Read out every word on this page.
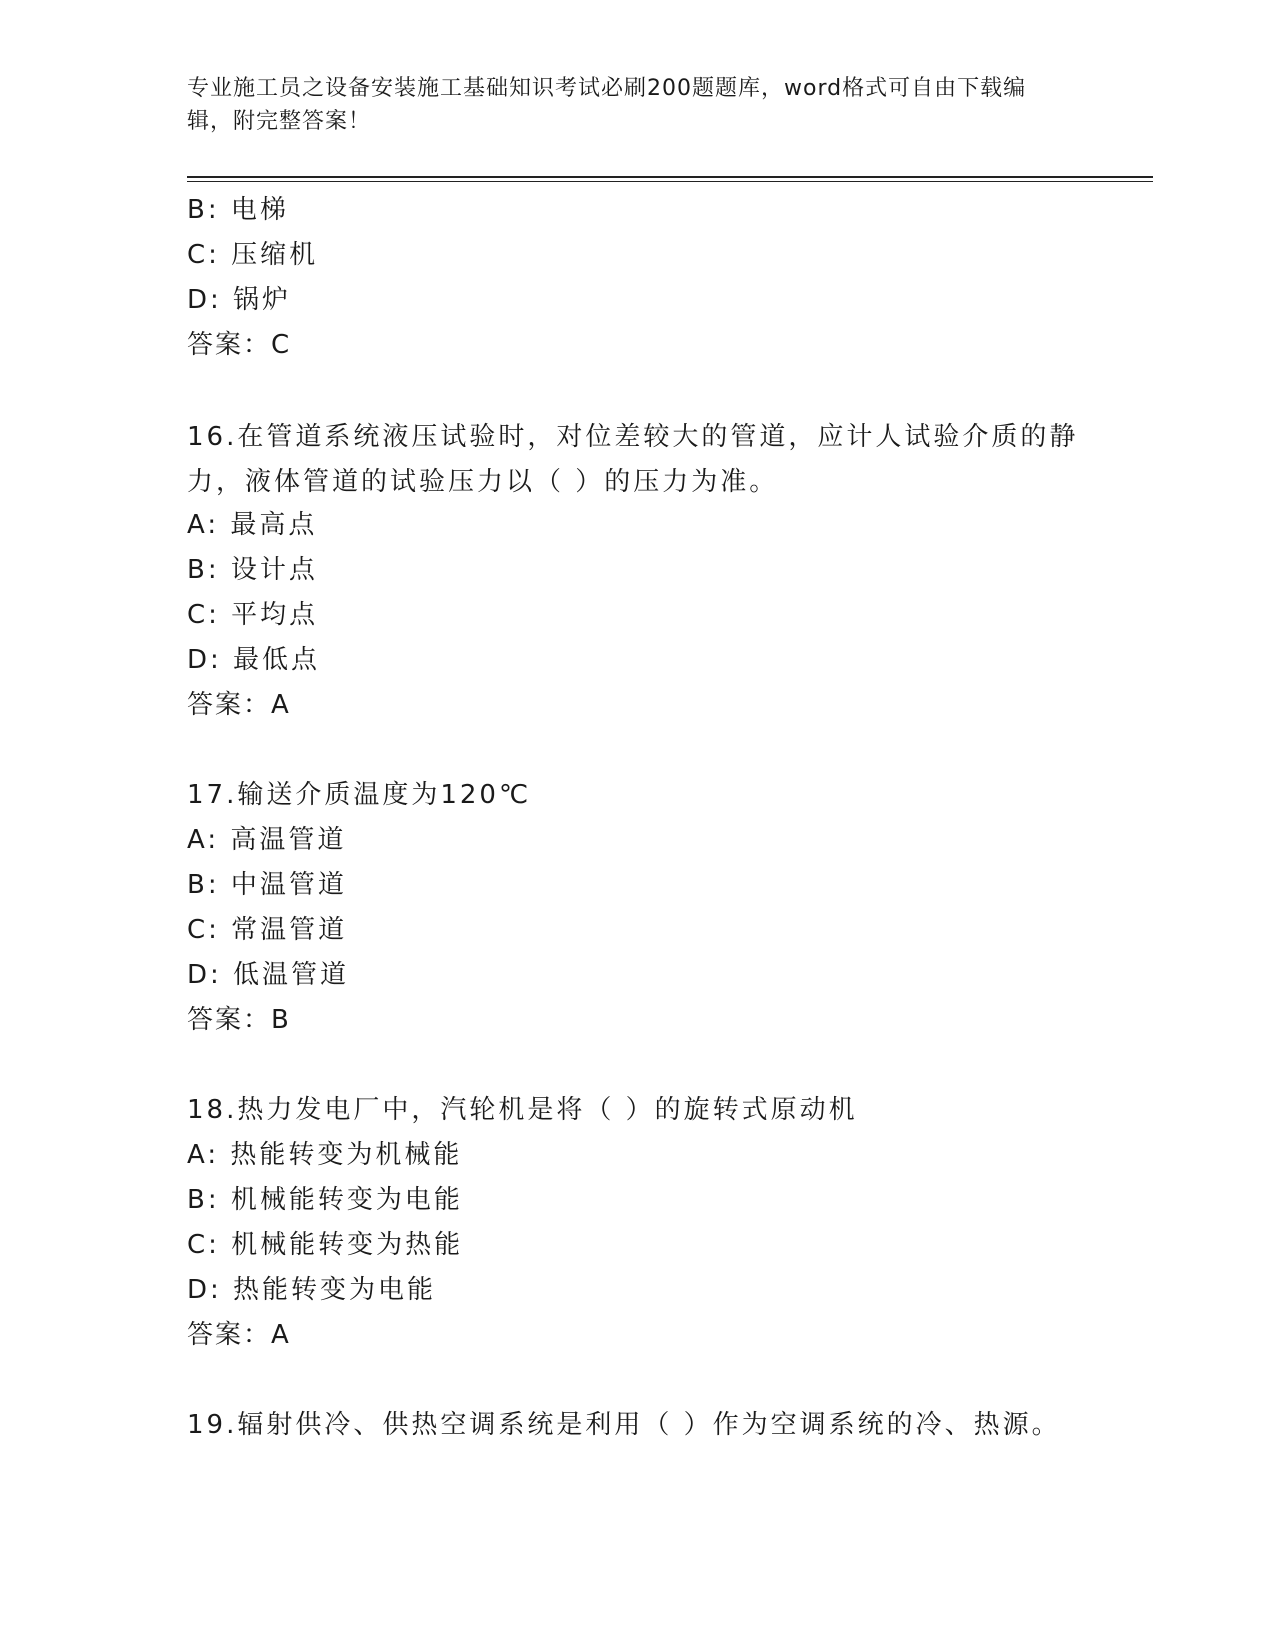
专业施工员之设备安装施工基础知识考试必刷200题题库，word格式可自由下载编辑，附完整答案！
B: 电梯
C: 压缩机
D: 锅炉
答案：C
16.在管道系统液压试验时，对位差较大的管道，应计人试验介质的静力，液体管道的试验压力以（ ）的压力为准。
A: 最高点
B: 设计点
C: 平均点
D: 最低点
答案：A
17.输送介质温度为120℃
A: 高温管道
B: 中温管道
C: 常温管道
D: 低温管道
答案：B
18.热力发电厂中，汽轮机是将（ ）的旋转式原动机
A: 热能转变为机械能
B: 机械能转变为电能
C: 机械能转变为热能
D: 热能转变为电能
答案：A
19.辐射供冷、供热空调系统是利用（ ）作为空调系统的冷、热源。
